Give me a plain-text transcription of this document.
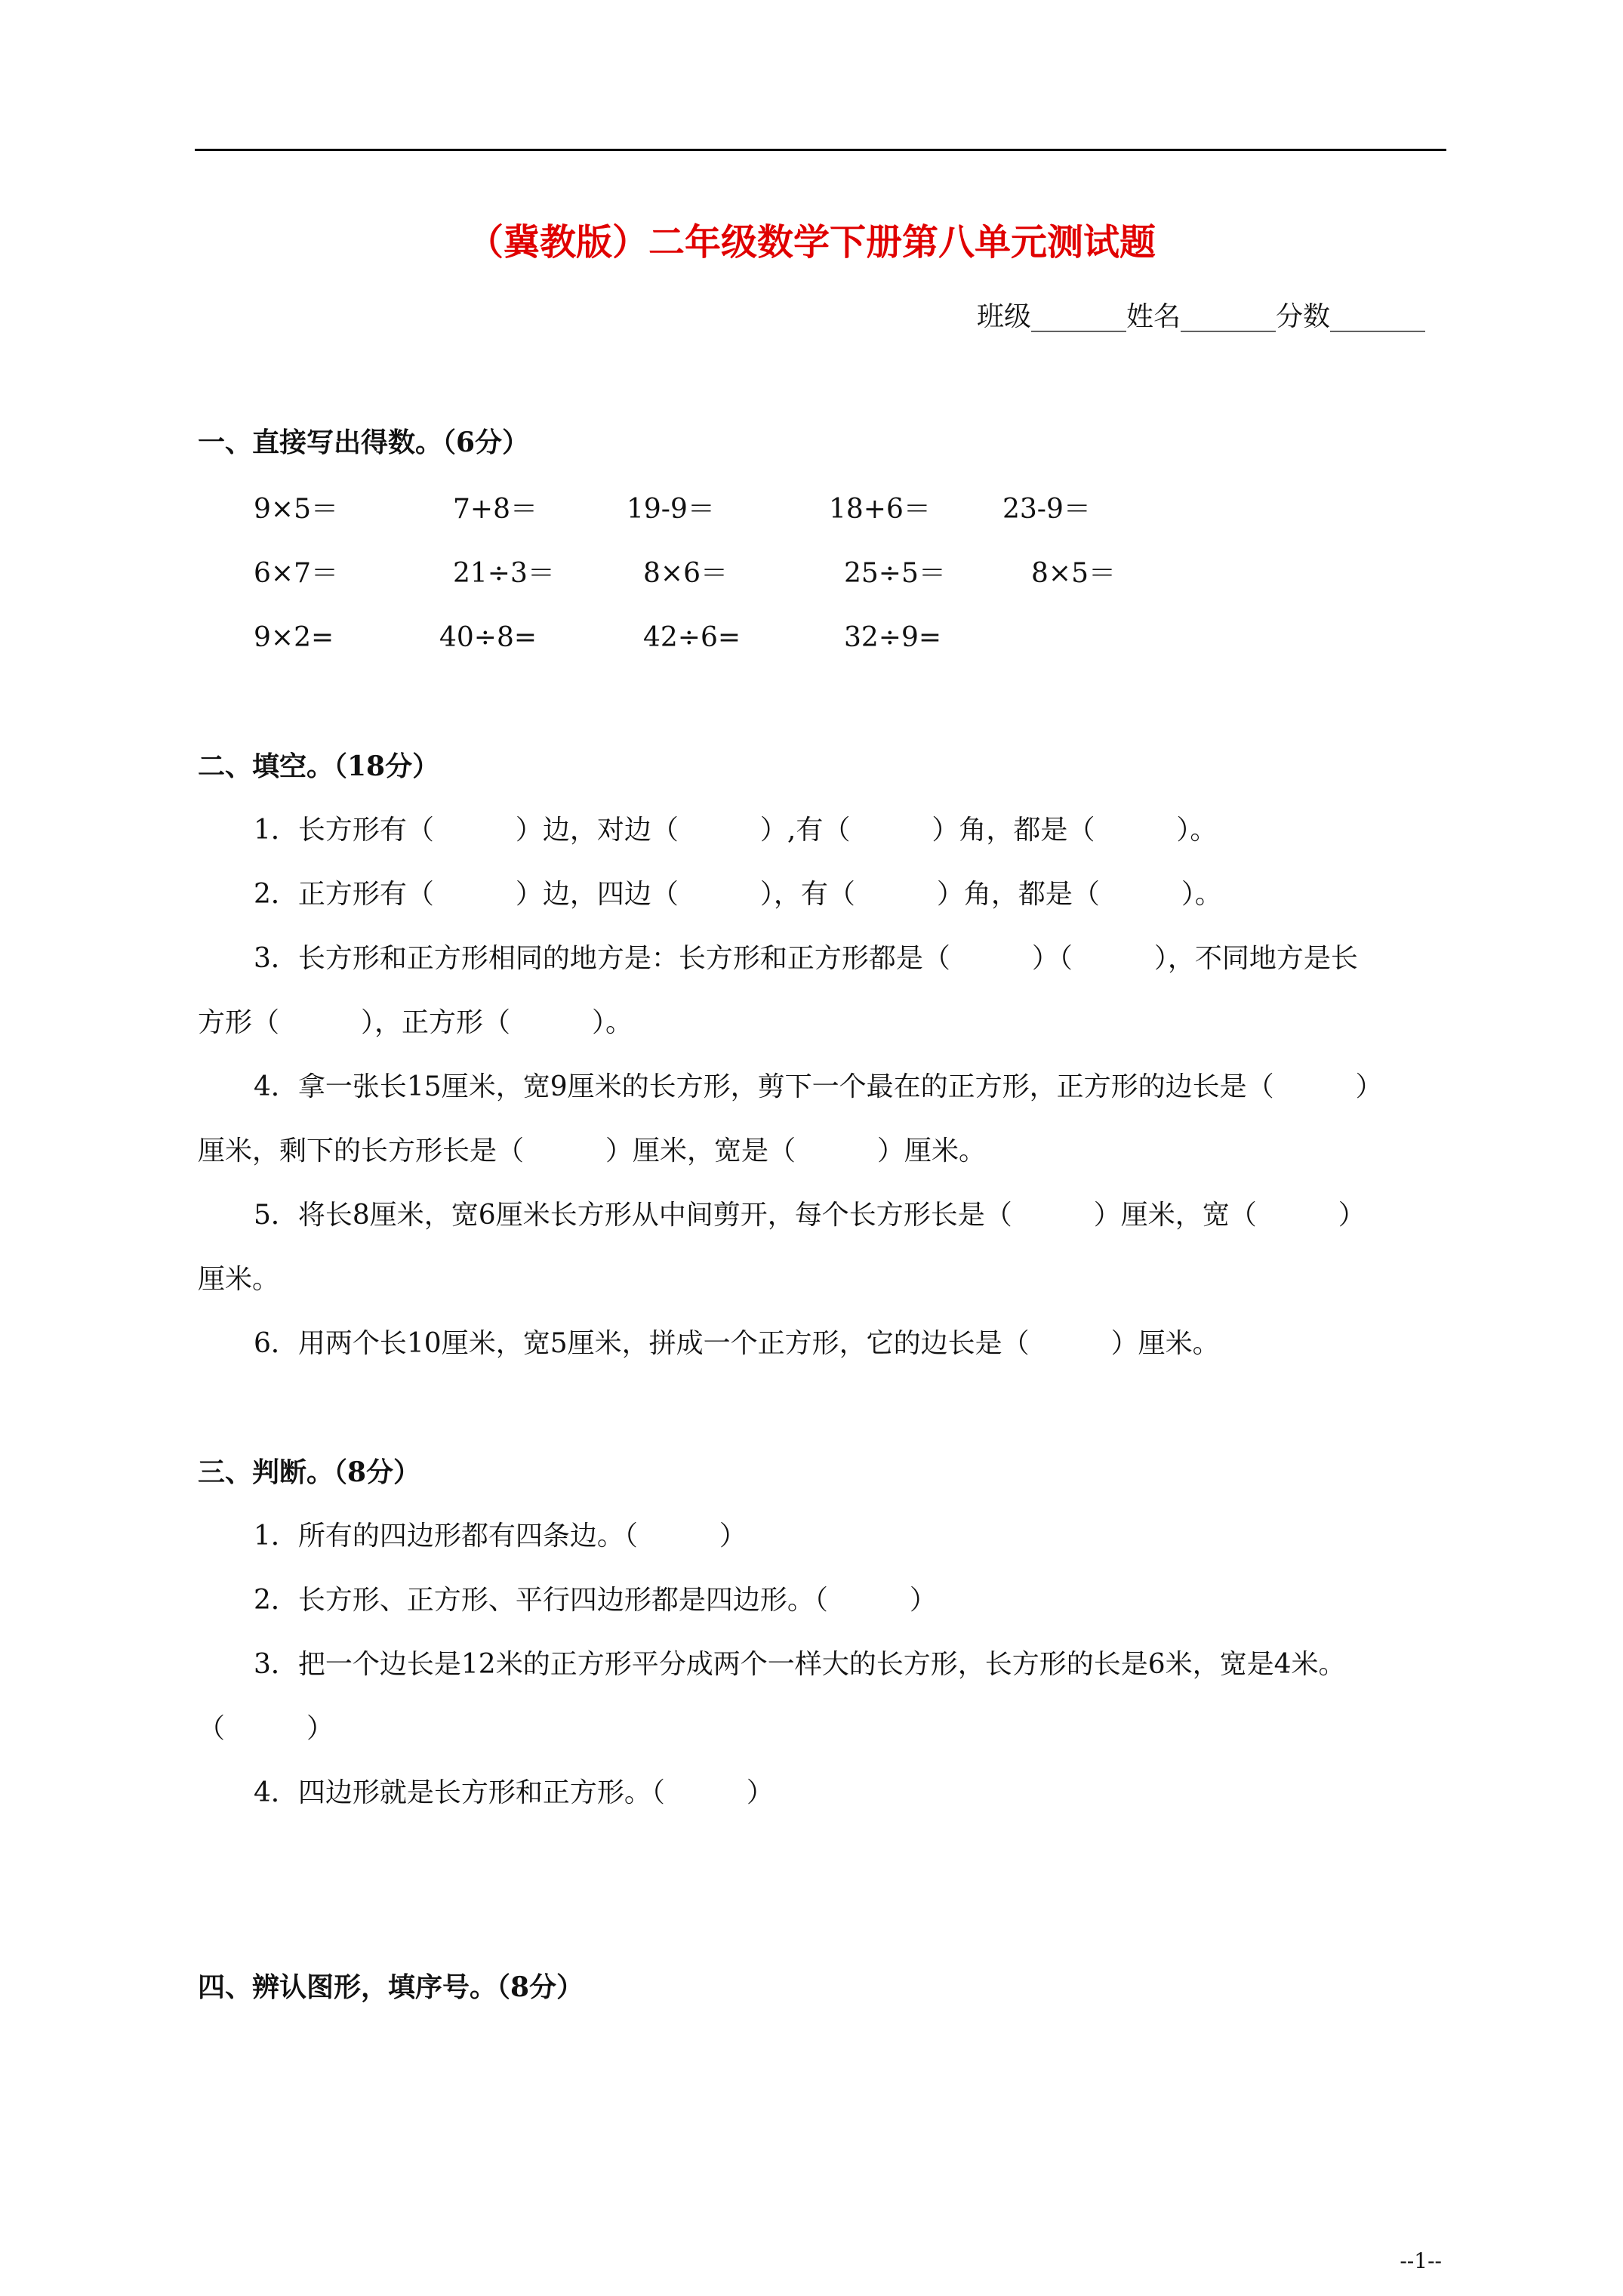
（冀教版）二年级数学下册第八单元测试题
班级_______姓名_______分数_______
一、直接写出得数。（6分）
9×5＝	7+8＝	19-9＝	18+6＝	23-9＝
6×7＝	21÷3＝	8×6＝	25÷5＝	8×5＝
9×2=	40÷8=	42÷6=	32÷9=
二、填空。（18分）
1．长方形有（　　　）边，对边（　　　）,有（　　　）角，都是（　　　）。
2．正方形有（　　　）边，四边（　　　），有（　　　）角，都是（　　　）。
3．长方形和正方形相同的地方是：长方形和正方形都是（　　　）（　　　），不同地方是长
方形（　　　），正方形（　　　）。
4．拿一张长15厘米，宽9厘米的长方形，剪下一个最在的正方形，正方形的边长是（　　　）
厘米，剩下的长方形长是（　　　）厘米，宽是（　　　）厘米。
5．将长8厘米，宽6厘米长方形从中间剪开，每个长方形长是（　　　）厘米，宽（　　　）
厘米。
6．用两个长10厘米，宽5厘米，拼成一个正方形，它的边长是（　　　）厘米。
三、判断。（8分）
1．所有的四边形都有四条边。（　　　）
2．长方形、正方形、平行四边形都是四边形。（　　　）
3．把一个边长是12米的正方形平分成两个一样大的长方形，长方形的长是6米，宽是4米。
（　　　）
4．四边形就是长方形和正方形。（　　　）
四、辨认图形，填序号。（8分）
--1--
